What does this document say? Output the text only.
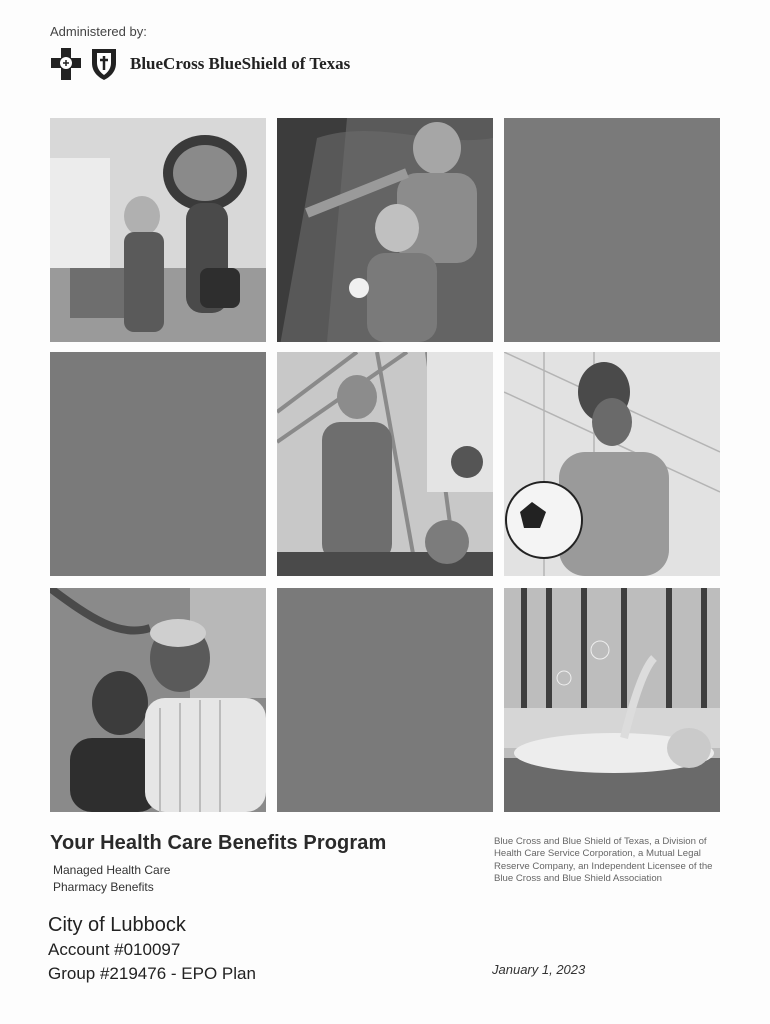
Administered by:
BlueCross BlueShield of Texas
Your Health Care Benefits Program
Managed Health Care
Pharmacy Benefits
Blue Cross and Blue Shield of Texas, a Division of Health Care Service Corporation, a Mutual Legal Reserve Company, an Independent Licensee of the Blue Cross and Blue Shield Association
City of Lubbock
Account #010097
Group #219476 - EPO Plan	January 1, 2023
